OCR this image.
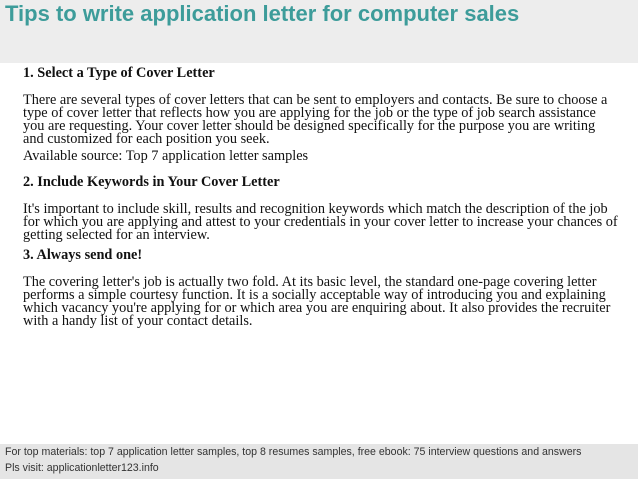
Tips to write application letter for computer sales
1. Select a Type of Cover Letter

There are several types of cover letters that can be sent to employers and contacts. Be sure to choose a type of cover letter that reflects how you are applying for the job or the type of job search assistance you are requesting. Your cover letter should be designed specifically for the purpose you are writing and customized for each position you seek.

Available source: Top 7 application letter samples

2. Include Keywords in Your Cover Letter

It's important to include skill, results and recognition keywords which match the description of the job for which you are applying and attest to your credentials in your cover letter to increase your chances of getting selected for an interview.

3. Always send one!

The covering letter's job is actually two fold. At its basic level, the standard one-page covering letter performs a simple courtesy function. It is a socially acceptable way of introducing you and explaining which vacancy you're applying for or which area you are enquiring about. It also provides the recruiter with a handy list of your contact details.

For top materials: top 7 application letter samples, top 8 resumes samples, free ebook: 75 interview questions and answers
Pls visit: applicationletter123.info
